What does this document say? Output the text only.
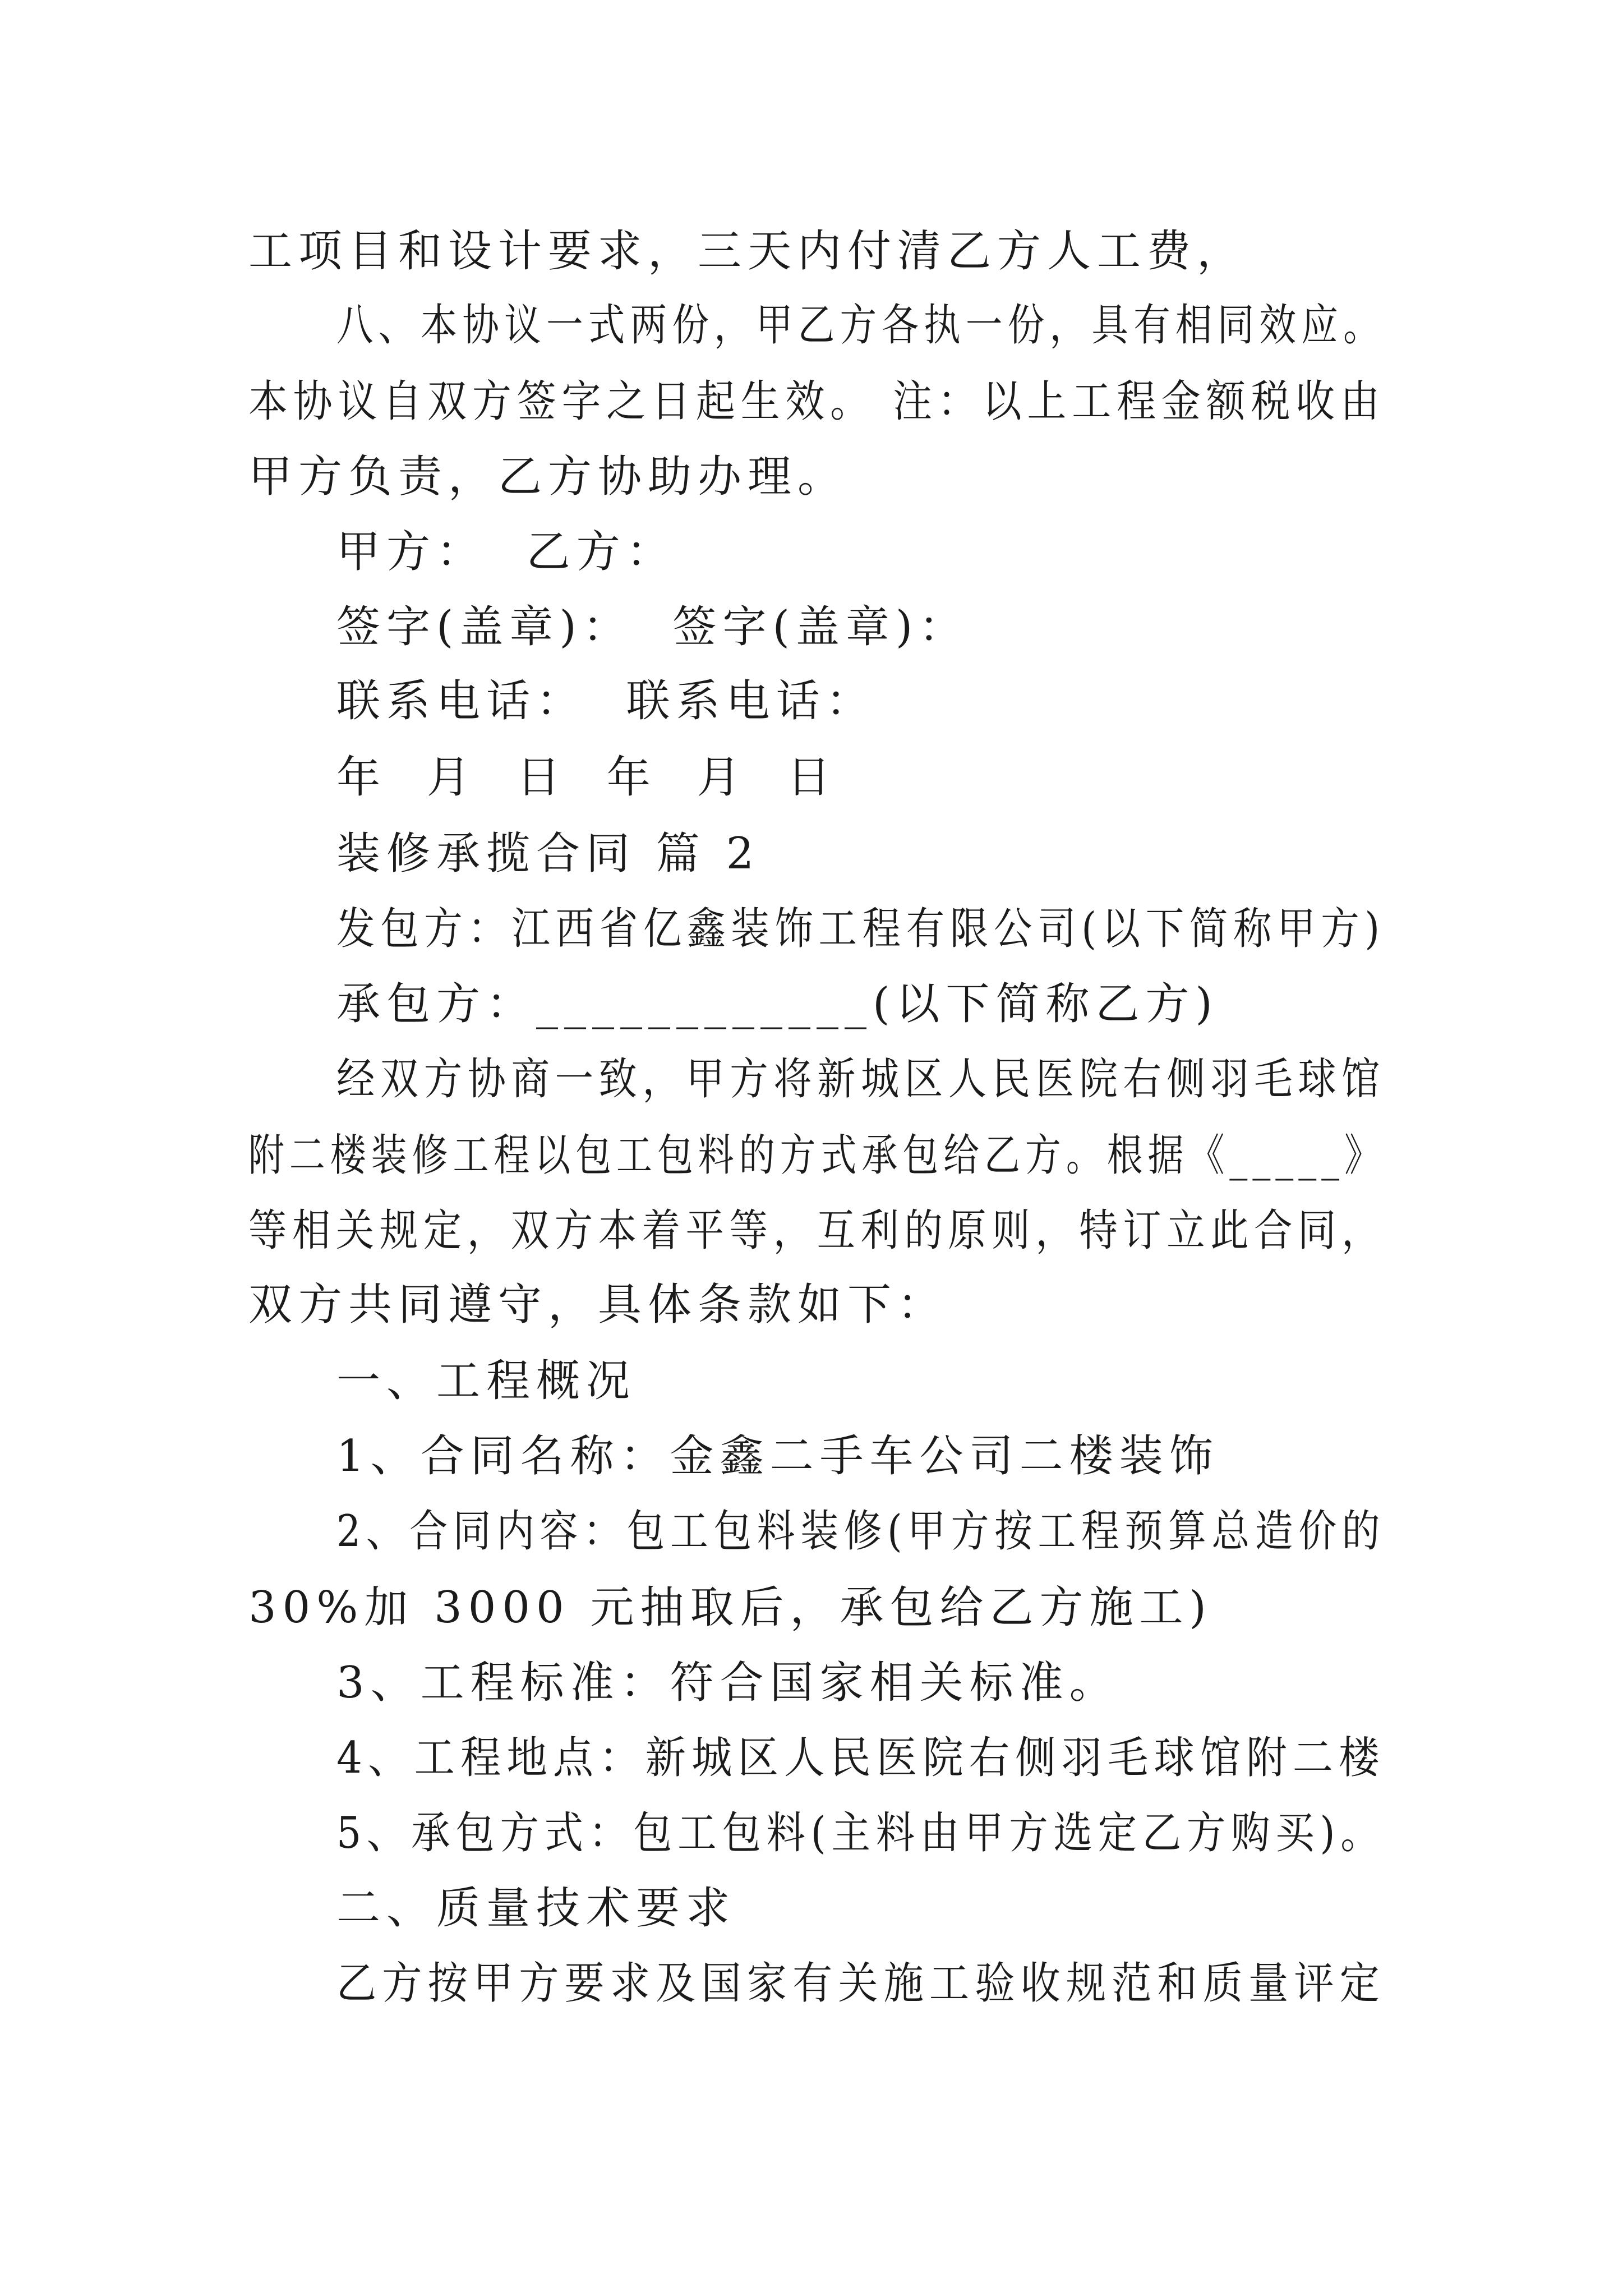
工项目和设计要求，三天内付清乙方人工费，
八、本协议一式两份，甲乙方各执一份，具有相同效应。
本协议自双方签字之日起生效。 注：以上工程金额税收由
甲方负责，乙方协助办理。
甲方：  乙方：
签字(盖章)：  签字(盖章)：
联系电话：  联系电话：
年  月  日  年  月  日
装修承揽合同 篇 2
发包方：江西省亿鑫装饰工程有限公司(以下简称甲方)
承包方：____________(以下简称乙方)
经双方协商一致，甲方将新城区人民医院右侧羽毛球馆
附二楼装修工程以包工包料的方式承包给乙方。根据《_____》
等相关规定，双方本着平等，互利的原则，特订立此合同，
双方共同遵守，具体条款如下：
一、工程概况
1、合同名称：金鑫二手车公司二楼装饰
2、合同内容：包工包料装修(甲方按工程预算总造价的
30%加 3000 元抽取后，承包给乙方施工)
3、工程标准：符合国家相关标准。
4、工程地点：新城区人民医院右侧羽毛球馆附二楼
5、承包方式：包工包料(主料由甲方选定乙方购买)。
二、质量技术要求
乙方按甲方要求及国家有关施工验收规范和质量评定
